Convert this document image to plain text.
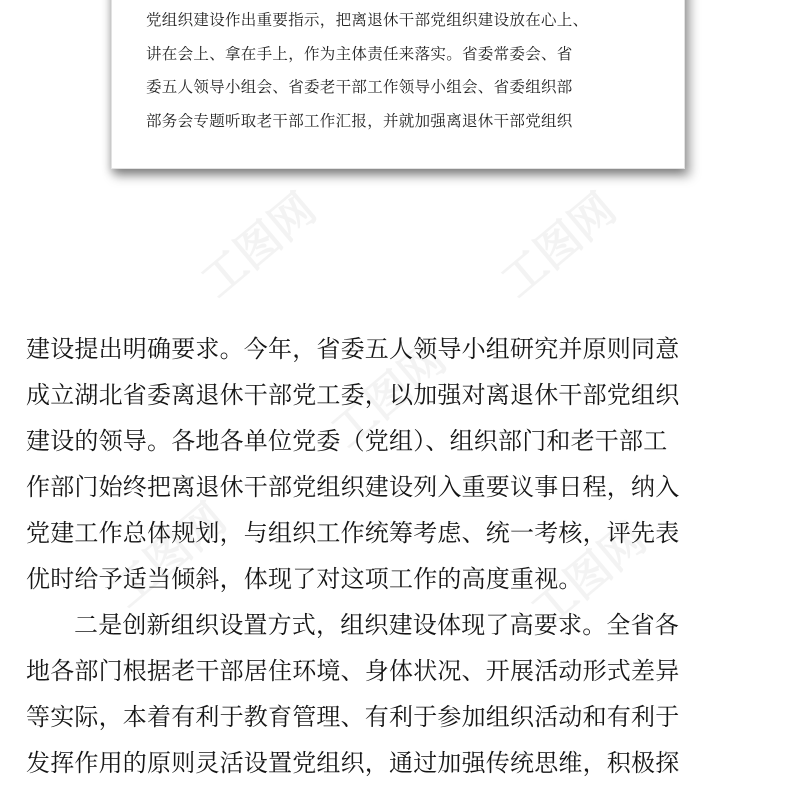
工图网	工图网
工图网
工图网	工图网
党组织建设作出重要指示，把离退休干部党组织建设放在心上、
讲在会上、拿在手上，作为主体责任来落实。省委常委会、省
委五人领导小组会、省委老干部工作领导小组会、省委组织部
部务会专题听取老干部工作汇报，并就加强离退休干部党组织
建设提出明确要求。今年，省委五人领导小组研究并原则同意
成立湖北省委离退休干部党工委，以加强对离退休干部党组织
建设的领导。各地各单位党委（党组）、组织部门和老干部工
作部门始终把离退休干部党组织建设列入重要议事日程，纳入
党建工作总体规划，与组织工作统筹考虑、统一考核，评先表
优时给予适当倾斜，体现了对这项工作的高度重视。
二是创新组织设置方式，组织建设体现了高要求。全省各
地各部门根据老干部居住环境、身体状况、开展活动形式差异
等实际，本着有利于教育管理、有利于参加组织活动和有利于
发挥作用的原则灵活设置党组织，通过加强传统思维，积极探
